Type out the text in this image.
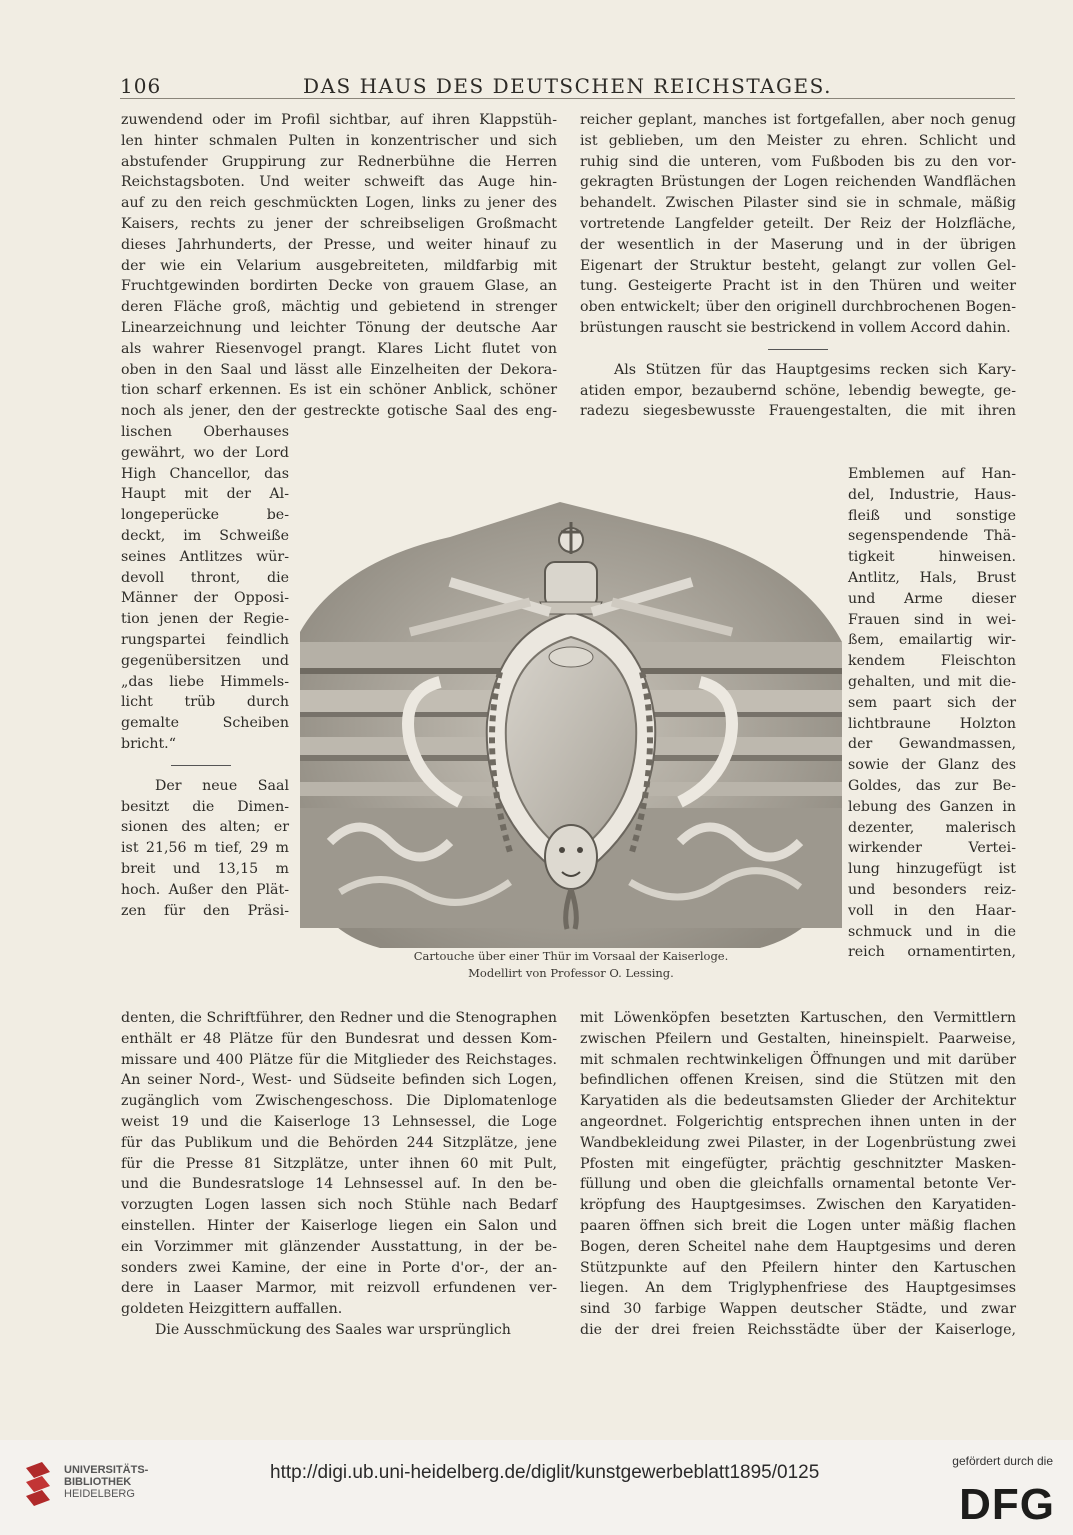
106	DAS HAUS DES DEUTSCHEN REICHSTAGES.

zuwendend oder im Profil sichtbar, auf ihren Klappstüh-

len hinter schmalen Pulten in konzentrischer und sich

abstufender Gruppirung zur Rednerbühne die Herren

Reichstagsboten. Und weiter schweift das Auge hin-

auf zu den reich geschmückten Logen, links zu jener des

Kaisers, rechts zu jener der schreibseligen Großmacht

dieses Jahrhunderts, der Presse, und weiter hinauf zu

der wie ein Velarium ausgebreiteten, mildfarbig mit

Fruchtgewinden bordirten Decke von grauem Glase, an

deren Fläche groß, mächtig und gebietend in strenger

Linearzeichnung und leichter Tönung der deutsche Aar

als wahrer Riesenvogel prangt. Klares Licht flutet von

oben in den Saal und lässt alle Einzelheiten der Dekora-

tion scharf erkennen. Es ist ein schöner Anblick, schöner

noch als jener, den der gestreckte gotische Saal des eng-

lischen Oberhauses

gewährt, wo der Lord

High Chancellor, das

Haupt mit der Al-

longeperücke be-

deckt, im Schweiße

seines Antlitzes wür-

devoll thront, die

Männer der Opposi-

tion jenen der Regie-

rungspartei feindlich

gegenübersitzen und

„das liebe Himmels-

licht trüb durch

gemalte Scheiben

bricht.“

Der neue Saal

besitzt die Dimen-

sionen des alten; er

ist 21,56 m tief, 29 m

breit und 13,15 m

hoch. Außer den Plät-

zen für den Präsi-

denten, die Schriftführer, den Redner und die Stenographen

enthält er 48 Plätze für den Bundesrat und dessen Kom-

missare und 400 Plätze für die Mitglieder des Reichstages.

An seiner Nord-, West- und Südseite befinden sich Logen,

zugänglich vom Zwischengeschoss. Die Diplomatenloge

weist 19 und die Kaiserloge 13 Lehnsessel, die Loge

für das Publikum und die Behörden 244 Sitzplätze, jene

für die Presse 81 Sitzplätze, unter ihnen 60 mit Pult,

und die Bundesratsloge 14 Lehnsessel auf. In den be-

vorzugten Logen lassen sich noch Stühle nach Bedarf

einstellen. Hinter der Kaiserloge liegen ein Salon und

ein Vorzimmer mit glänzender Ausstattung, in der be-

sonders zwei Kamine, der eine in Porte d'or-, der an-

dere in Laaser Marmor, mit reizvoll erfundenen ver-

goldeten Heizgittern auffallen.

Die Ausschmückung des Saales war ursprünglich

reicher geplant, manches ist fortgefallen, aber noch genug

ist geblieben, um den Meister zu ehren. Schlicht und

ruhig sind die unteren, vom Fußboden bis zu den vor-

gekragten Brüstungen der Logen reichenden Wandflächen

behandelt. Zwischen Pilaster sind sie in schmale, mäßig

vortretende Langfelder geteilt. Der Reiz der Holzfläche,

der wesentlich in der Maserung und in der übrigen

Eigenart der Struktur besteht, gelangt zur vollen Gel-

tung. Gesteigerte Pracht ist in den Thüren und weiter

oben entwickelt; über den originell durchbrochenen Bogen-

brüstungen rauscht sie bestrickend in vollem Accord dahin.

Als Stützen für das Hauptgesims recken sich Kary-

atiden empor, bezaubernd schöne, lebendig bewegte, ge-

radezu siegesbewusste Frauengestalten, die mit ihren

Emblemen auf Han-

del, Industrie, Haus-

fleiß und sonstige

segenspendende Thä-

tigkeit hinweisen.

Antlitz, Hals, Brust

und Arme dieser

Frauen sind in wei-

ßem, emailartig wir-

kendem Fleischton

gehalten, und mit die-

sem paart sich der

lichtbraune Holzton

der Gewandmassen,

sowie der Glanz des

Goldes, das zur Be-

lebung des Ganzen in

dezenter, malerisch

wirkender Vertei-

lung hinzugefügt ist

und besonders reiz-

voll in den Haar-

schmuck und in die

reich ornamentirten,

mit Löwenköpfen besetzten Kartuschen, den Vermittlern

zwischen Pfeilern und Gestalten, hineinspielt. Paarweise,

mit schmalen rechtwinkeligen Öffnungen und mit darüber

befindlichen offenen Kreisen, sind die Stützen mit den

Karyatiden als die bedeutsamsten Glieder der Architektur

angeordnet. Folgerichtig entsprechen ihnen unten in der

Wandbekleidung zwei Pilaster, in der Logenbrüstung zwei

Pfosten mit eingefügter, prächtig geschnitzter Masken-

füllung und oben die gleichfalls ornamental betonte Ver-

kröpfung des Hauptgesimses. Zwischen den Karyatiden-

paaren öffnen sich breit die Logen unter mäßig flachen

Bogen, deren Scheitel nahe dem Hauptgesims und deren

Stützpunkte auf den Pfeilern hinter den Kartuschen

liegen. An dem Triglyphenfriese des Hauptgesimses

sind 30 farbige Wappen deutscher Städte, und zwar

die der drei freien Reichsstädte über der Kaiserloge,

Cartouche über einer Thür im Vorsaal der Kaiserloge.
Modellirt von Professor O. Lessing.
UNIVERSITÄTS-
BIBLIOTHEK
HEIDELBERG
http://digi.ub.uni-heidelberg.de/diglit/kunstgewerbeblatt1895/0125
gefördert durch die
DFG
